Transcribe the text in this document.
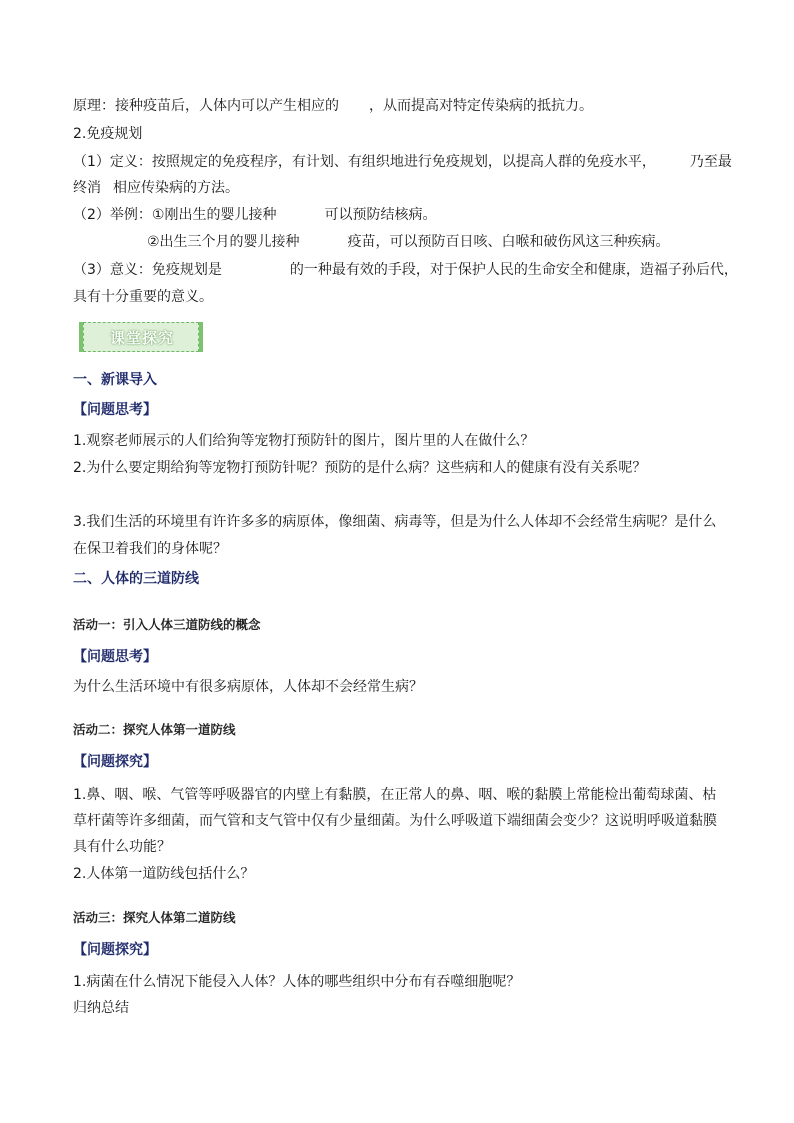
原理：接种疫苗后，人体内可以产生相应的 ，从而提高对特定传染病的抵抗力。
2.免疫规划
（1）定义：按照规定的免疫程序，有计划、有组织地进行免疫规划，以提高人群的免疫水平， 乃至最
终消 相应传染病的方法。
（2）举例：①刚出生的婴儿接种	可以预防结核病。
②出生三个月的婴儿接种	疫苗，可以预防百日咳、白喉和破伤风这三种疾病。
（3）意义：免疫规划是	的一种最有效的手段，对于保护人民的生命安全和健康，造福子孙后代，
具有十分重要的意义。
课堂探究
一、新课导入
【问题思考】
1.观察老师展示的人们给狗等宠物打预防针的图片，图片里的人在做什么？
2.为什么要定期给狗等宠物打预防针呢？预防的是什么病？这些病和人的健康有没有关系呢？
3.我们生活的环境里有许许多多的病原体，像细菌、病毒等，但是为什么人体却不会经常生病呢？是什么
在保卫着我们的身体呢？
二、人体的三道防线
活动一：引入人体三道防线的概念
【问题思考】
为什么生活环境中有很多病原体，人体却不会经常生病？
活动二：探究人体第一道防线
【问题探究】
1.鼻、咽、喉、气管等呼吸器官的内壁上有黏膜，在正常人的鼻、咽、喉的黏膜上常能检出葡萄球菌、枯
草杆菌等许多细菌，而气管和支气管中仅有少量细菌。为什么呼吸道下端细菌会变少？这说明呼吸道黏膜
具有什么功能？
2.人体第一道防线包括什么？
活动三：探究人体第二道防线
【问题探究】
1.病菌在什么情况下能侵入人体？人体的哪些组织中分布有吞噬细胞呢？
归纳总结
